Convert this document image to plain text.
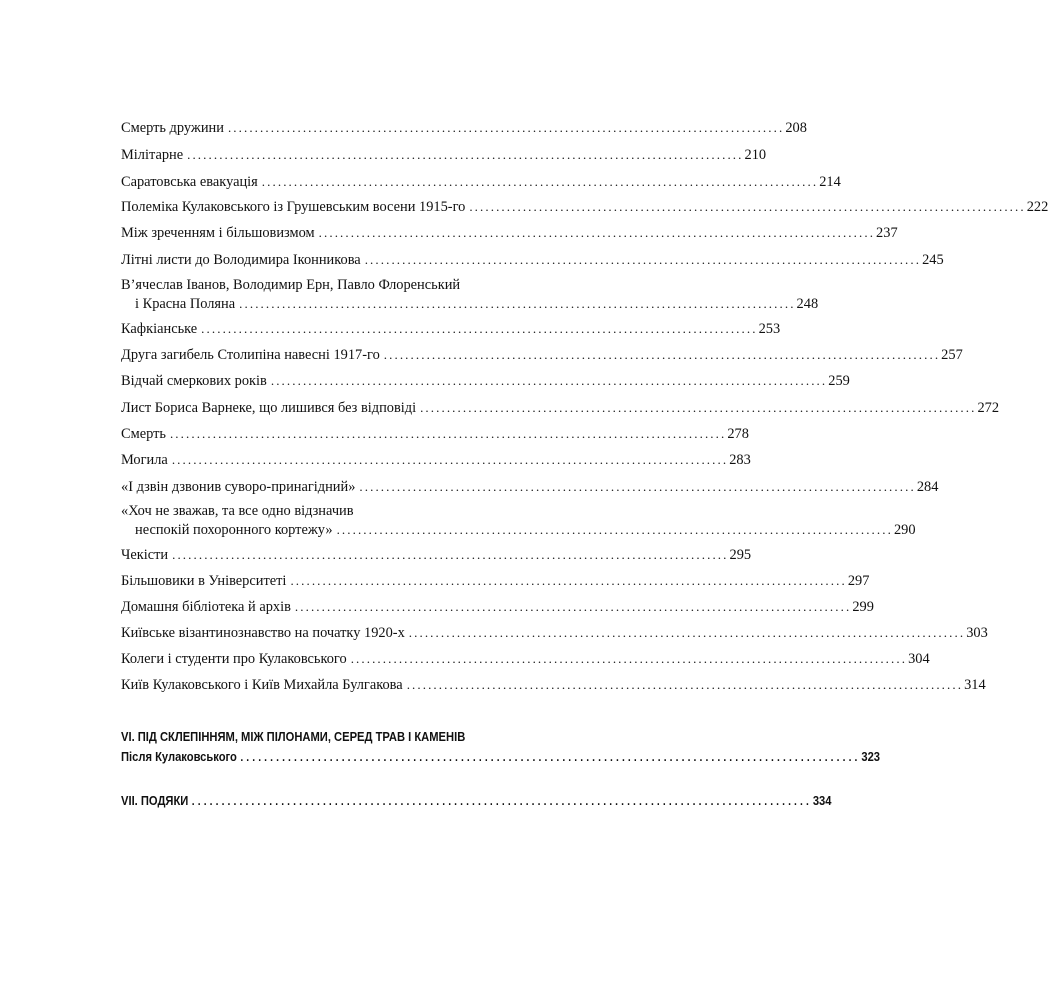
Смерть дружини ........................................................................................................ 208
Мілітарне ........................................................................................................ 210
Саратовська евакуація ........................................................................................................ 214
Полеміка Кулаковського із Грушевським восени 1915-го ........................................................................................................ 222
Між зреченням і більшовизмом ........................................................................................................ 237
Літні листи до Володимира Іконникова ........................................................................................................ 245
В’ячеслав Іванов, Володимир Ерн, Павло Флоренський
і Красна Поляна ........................................................................................................ 248
Кафкіанське ........................................................................................................ 253
Друга загибель Столипіна навесні 1917-го ........................................................................................................ 257
Відчай смеркових років ........................................................................................................ 259
Лист Бориса Варнеке, що лишився без відповіді ........................................................................................................ 272
Смерть ........................................................................................................ 278
Могила ........................................................................................................ 283
«І дзвін дзвонив суворо-принагідний» ........................................................................................................ 284
«Хоч не зважав, та все одно відзначив
неспокій похоронного кортежу» ........................................................................................................ 290
Чекісти ........................................................................................................ 295
Більшовики в Університеті ........................................................................................................ 297
Домашня бібліотека й архів ........................................................................................................ 299
Київське візантинознавство на початку 1920-х ........................................................................................................ 303
Колеги і студенти про Кулаковського ........................................................................................................ 304
Київ Кулаковського і Київ Михайла Булгакова ........................................................................................................ 314
VI. ПІД СКЛЕПІННЯМ, МІЖ ПІЛОНАМИ, СЕРЕД ТРАВ І КАМЕНІВ
Після Кулаковського ........................................................................................................ 323
VII. ПОДЯКИ ........................................................................................................ 334
